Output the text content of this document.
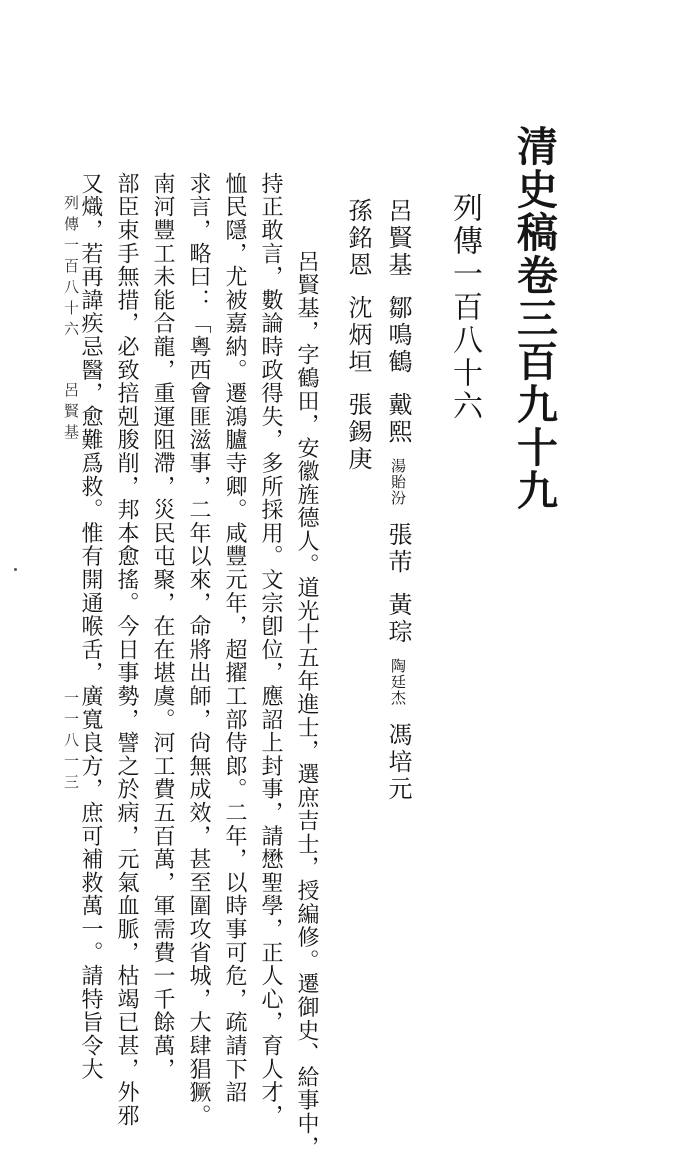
清史稿卷三百九十九
列傳一百八十六
呂賢基鄒鳴鶴戴熙湯貽汾張芾黃琮陶廷杰馮培元
孫銘恩沈炳垣張錫庚
呂賢基，字鶴田，安徽旌德人。道光十五年進士，選庶吉士，授編修。遷御史、給事中，
持正敢言，數論時政得失，多所採用。文宗卽位，應詔上封事，請懋聖學，正人心，育人才，
恤民隱，尤被嘉納。遷鴻臚寺卿。咸豐元年，超擢工部侍郎。二年，以時事可危，疏請下詔
求言，略曰：「粵西會匪滋事，二年以來，命將出師，尙無成效，甚至圍攻省城，大肆猖獗。
南河豐工未能合龍，重運阻滯，災民屯聚，在在堪虞。河工費五百萬，軍需費一千餘萬，
部臣束手無措，必致掊剋朘削，邦本愈搖。今日事勢，譬之於病，元氣血脈，枯竭已甚，外邪
又熾，若再諱疾忌醫，愈難爲救。惟有開通喉舌，廣寬良方，庶可補救萬一。請特旨令大
列傳一百八十六呂賢基
一一八一三
